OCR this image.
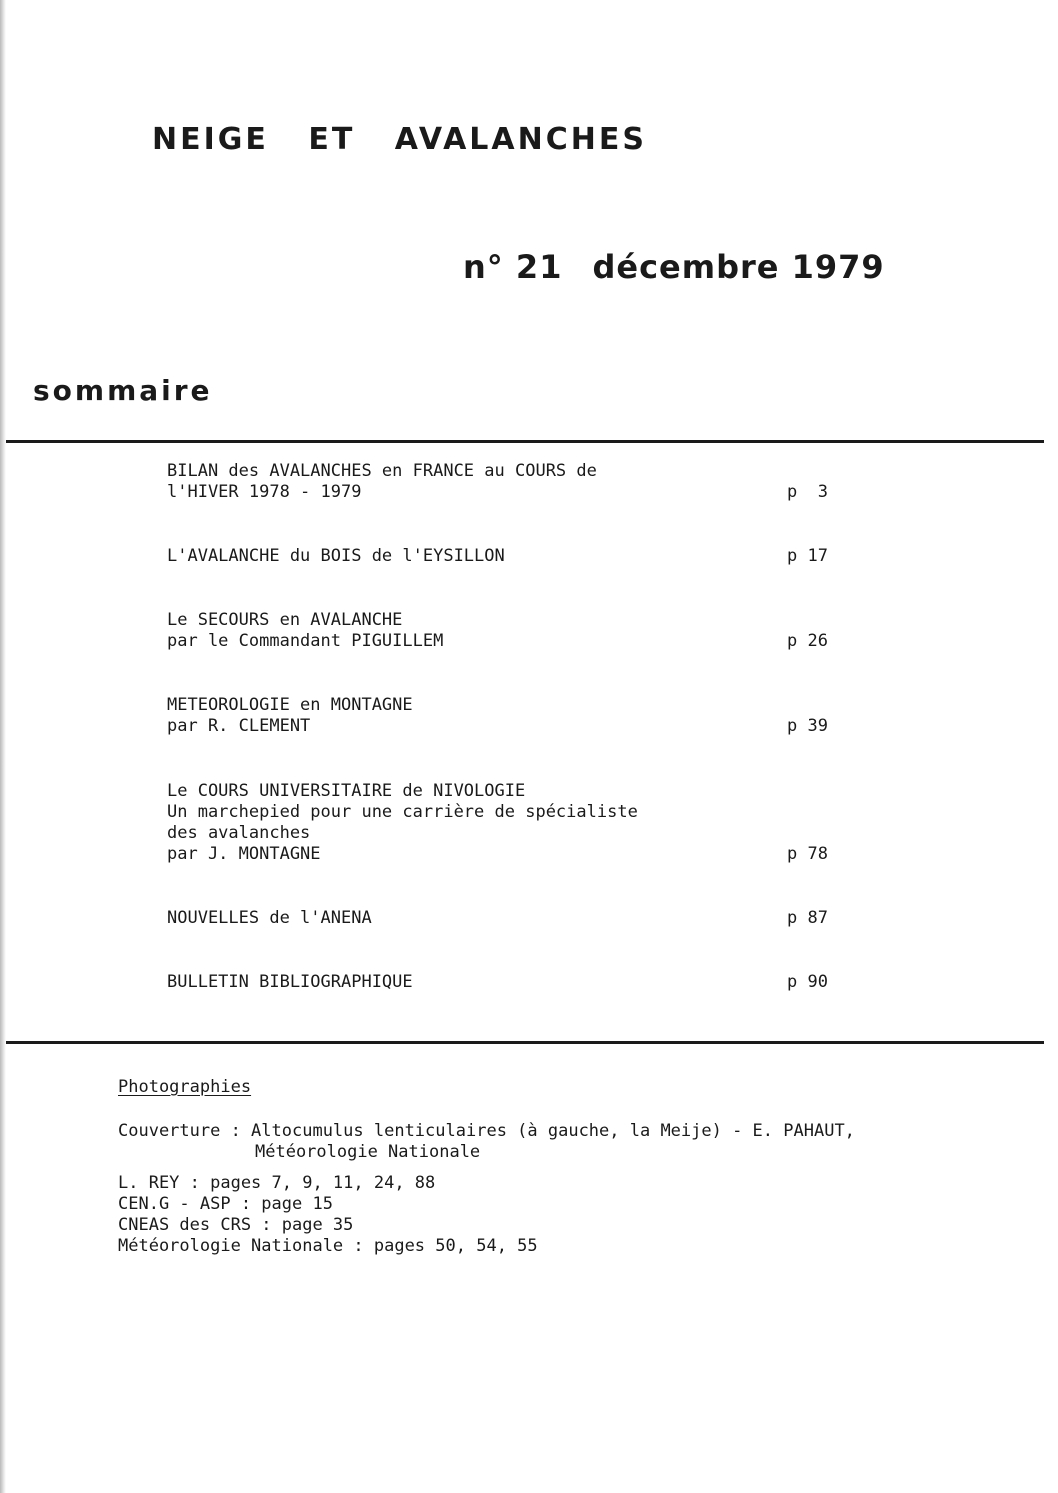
NEIGE ET AVALANCHES
n° 21 décembre 1979
sommaire
BILAN des AVALANCHES en FRANCE au COURS de
l'HIVER 1978 - 1979	p  3
L'AVALANCHE du BOIS de l'EYSILLON	p 17
Le SECOURS en AVALANCHE
par le Commandant PIGUILLEM	p 26
METEOROLOGIE en MONTAGNE
par R. CLEMENT	p 39
Le COURS UNIVERSITAIRE de NIVOLOGIE
Un marchepied pour une carrière de spécialiste
des avalanches
par J. MONTAGNE	p 78
NOUVELLES de l'ANENA	p 87
BULLETIN BIBLIOGRAPHIQUE	p 90
Photographies
Couverture : Altocumulus lenticulaires (à gauche, la Meije) - E. PAHAUT,
Météorologie Nationale
L. REY : pages 7, 9, 11, 24, 88
CEN.G - ASP : page 15
CNEAS des CRS : page 35
Météorologie Nationale : pages 50, 54, 55
